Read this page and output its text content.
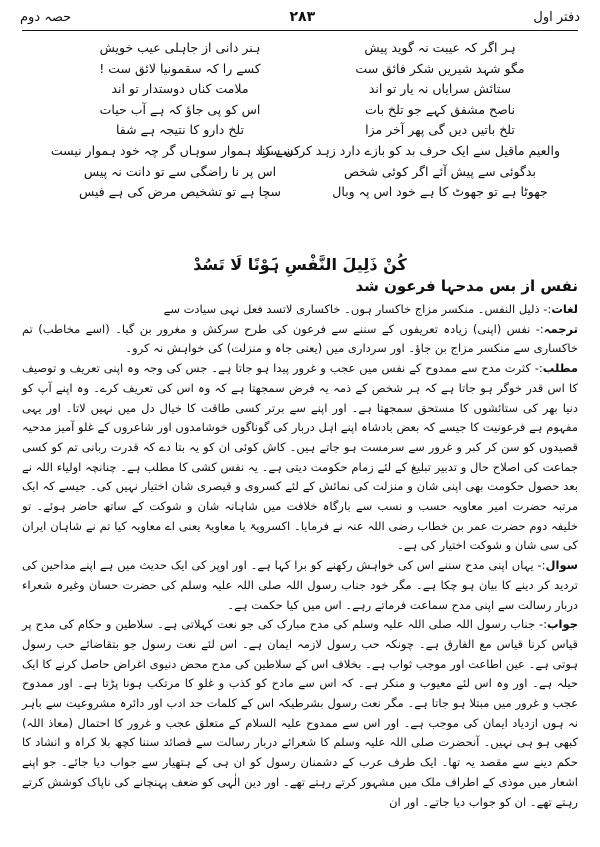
دفتر اول
۲۸۳
حصہ دوم
ہر اگر کہ عیبت نہ گوید پیش
ہنر دانی از جاہلی عیب خویش
مگو شہد شیریں شکر فائق ست
کسے را کہ سقمونیا لائق ست !
ستائش سرایاں نہ یار تو اند
ملامت کناں دوستدار تو اند
ناصح مشفق کہے جو تلخ بات
اس کو پی جاؤ کہ ہے آب حیات
تلخ باتیں دیں گی پھر آخر مزا
تلخ دارو کا نتیجہ ہے شفا
والعیم ماقیل سے ایک حرف بد کو بازے دارد زہد کردن سرا
کسے کند ہموار سوہاں گر چہ خود ہموار نیست
بدگوئی سے پیش آئے اگر کوئی شخص
اس پر نا راضگی سے تو دانت نہ پیس
جھوٹا ہے تو جھوٹ کا ہے خود اس پہ وبال
سچا ہے تو تشخیص مرض کی ہے فیس
کُنْ ذَلِیلَ النَّفْسِ ہَوْنًا لَا تَسُدْ
نفس از بس مدحہا فرعون شد

لغات:- ذلیل النفس۔ منکسر مزاج خاکسار ہوں۔ خاکساری لاتسد فعل نہی سیادت سے

ترجمہ:- نفس (اپنی) زیادہ تعریفوں کے سننے سے فرعون کی طرح سرکش و مغرور بن گیا۔ (اسے مخاطب) تم خاکساری سے منکسر مزاج بن جاؤ۔ اور سرداری میں (یعنی جاہ و منزلت) کی خواہش نہ کرو۔

مطلب:- کثرت مدح سے ممدوح کے نفس میں عجب و غرور پیدا ہو جاتا ہے۔ جس کی وجہ وہ اپنی تعریف و توصیف کا اس قدر خوگر ہو جاتا ہے کہ ہر شخص کے ذمہ یہ فرض سمجھتا ہے کہ وہ اس کی تعریف کرے۔ وہ اپنے آپ کو دنیا بھر کی ستائشوں کا مستحق سمجھتا ہے۔ اور اپنے سے برتر کسی طاقت کا خیال دل میں نہیں لاتا۔ اور یہی مفہوم ہے فرعونیت کا جیسے کہ بعض بادشاہ اپنے اہل دربار کی گوناگوں خوشامدوں اور شاعروں کے غلو آمیز مدحیہ قصیدوں کو سن کر کبر و غرور سے سرمست ہو جاتے ہیں۔ کاش کوئی ان کو یہ بتا دے کہ قدرت ربانی تم کو کسی جماعت کی اصلاح حال و تدبیر تبلیغ کے لئے زمام حکومت دیتی ہے۔ یہ نفس کشی کا مطلب ہے۔ چنانچہ اولیاء اللہ نے بعد حصول حکومت بھی اپنی شان و منزلت کی نمائش کے لئے کسروی و قیصری شان اختیار نہیں کی۔ جیسے کہ ایک مرتبہ حضرت امیر معاویہ حسب و نسب سے بارگاہ خلافت میں شاہانہ شان و شوکت کے ساتھ حاضر ہوئے۔ تو خلیفہ دوم حضرت عمر بن خطاب رضی اللہ عنہ نے فرمایا۔ اکسرویۃ یا معاویۃ یعنی اے معاویہ کیا تم نے شاہان ایران کی سی شان و شوکت اختیار کی ہے۔

سوال:- یہاں اپنی مدح سننے اس کی خواہش رکھنے کو برا کہا ہے۔ اور اوپر کی ایک حدیث میں ہے اپنے مداحین کی تردید کر دینے کا بیان ہو چکا ہے۔ مگر خود جناب رسول اللہ صلی اللہ علیہ وسلم کی حضرت حسان وغیرہ شعراء دربار رسالت سے اپنی مدح سماعت فرماتے رہے۔ اس میں کیا حکمت ہے۔

جواب:- جناب رسول اللہ صلی اللہ علیہ وسلم کی مدح مبارک کی جو نعت کہلاتی ہے۔ سلاطین و حکام کی مدح پر قیاس کرنا قیاس مع الفارق ہے۔ چونکہ حب رسول لازمہ ایمان ہے۔ اس لئے نعت رسول جو بتقاضائے حب رسول ہوتی ہے۔ عین اطاعت اور موجب ثواب ہے۔ بخلاف اس کے سلاطین کی مدح محض دنیوی اغراض حاصل کرنے کا ایک حیلہ ہے۔ اور وہ اس لئے معیوب و منکر ہے۔ کہ اس سے مادح کو کذب و غلو کا مرتکب ہونا پڑتا ہے۔ اور ممدوح عجب و غرور میں مبتلا ہو جاتا ہے۔ مگر نعت رسول بشرطیکہ اس کے کلمات حد ادب اور دائرہ مشروعیت سے باہر نہ ہوں ازدیاد ایمان کی موجب ہے۔ اور اس سے ممدوح علیہ السلام کے متعلق عجب و غرور کا احتمال (معاذ اللہ) کبھی ہو ہی نہیں۔ آنحضرت صلی اللہ علیہ وسلم کا شعرائے دربار رسالت سے قصائد سننا کچھ بلا کراہ و انشاد کا حکم دینے سے مقصد یہ تھا۔ ایک طرف عرب کے دشمنان رسول کو ان ہی کے ہتھیار سے جواب دیا جائے۔ جو اپنے اشعار میں موذی کے اطراف ملک میں مشہور کرتے رہتے تھے۔ اور دین الٰہی کو ضعف پہنچانے کی ناپاک کوشش کرتے رہتے تھے۔ ان کو جواب دیا جاتے۔ اور ان
